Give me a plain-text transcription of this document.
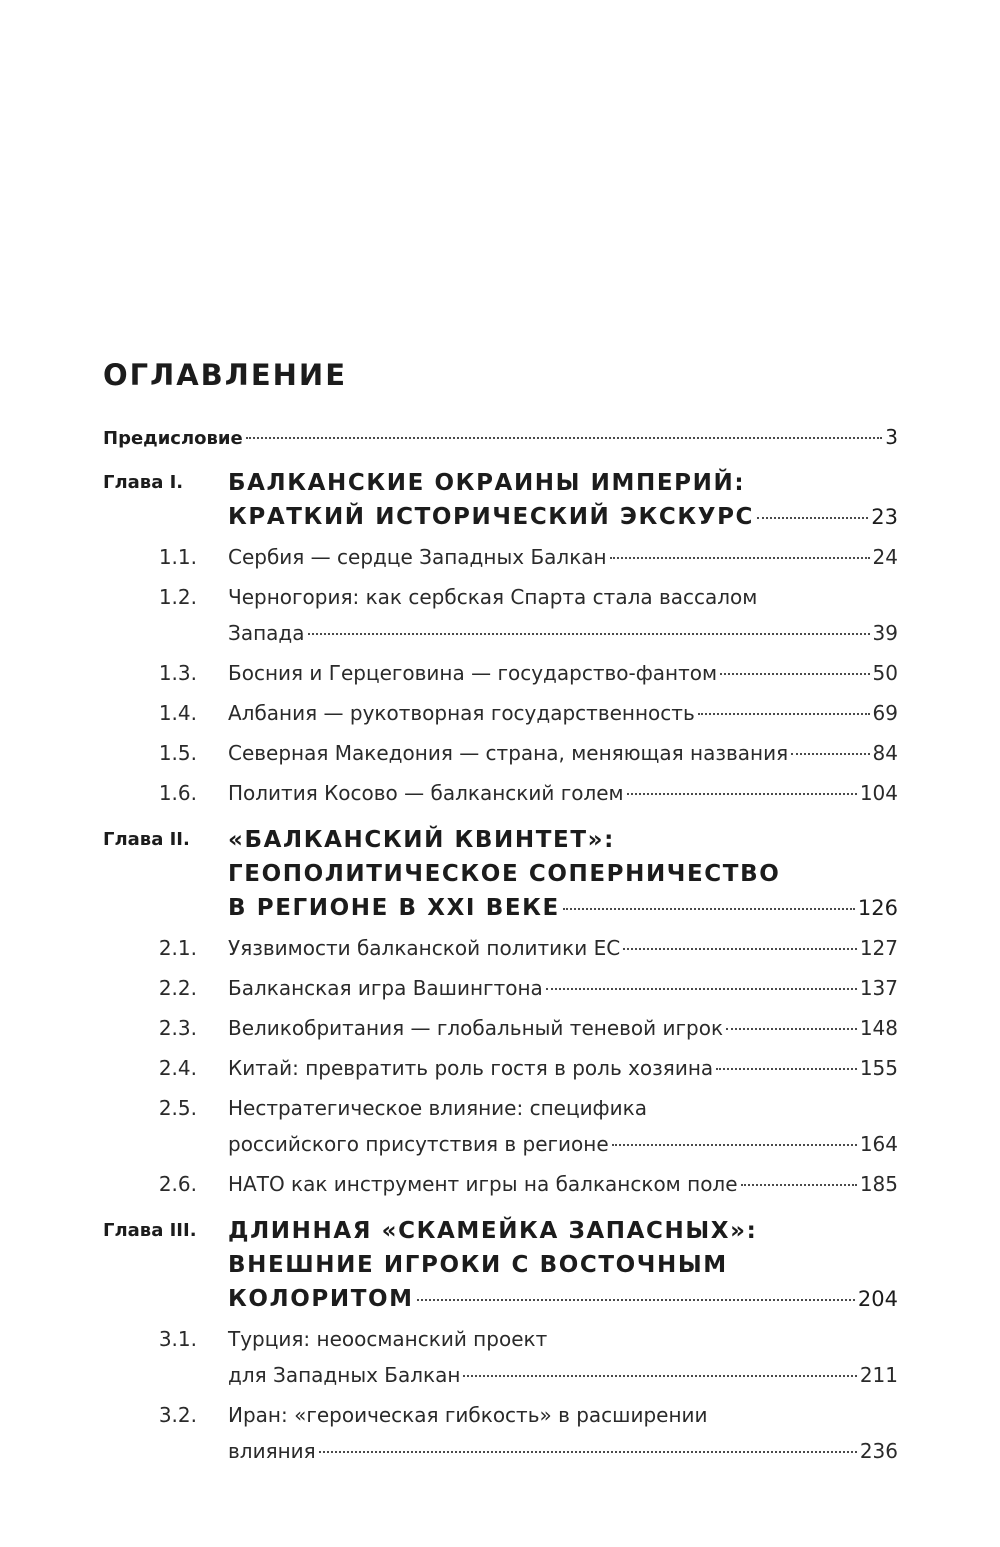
ОГЛАВЛЕНИЕ
Предисловие	3
Глава I.	БАЛКАНСКИЕ ОКРАИНЫ ИМПЕРИЙ:
КРАТКИЙ ИСТОРИЧЕСКИЙ ЭКСКУРС	23
1.1.	Сербия — сердце Западных Балкан	24
1.2.	Черногория: как сербская Спарта стала вассалом
Запада	39
1.3.	Босния и Герцеговина — государство-фантом	50
1.4.	Албания — рукотворная государственность	69
1.5.	Северная Македония — страна, меняющая названия	84
1.6.	Полития Косово — балканский голем	104
Глава II.	«БАЛКАНСКИЙ КВИНТЕТ»:
ГЕОПОЛИТИЧЕСКОЕ СОПЕРНИЧЕСТВО
В РЕГИОНЕ В XXI ВЕКЕ	126
2.1.	Уязвимости балканской политики ЕС	127
2.2.	Балканская игра Вашингтона	137
2.3.	Великобритания — глобальный теневой игрок	148
2.4.	Китай: превратить роль гостя в роль хозяина	155
2.5.	Нестратегическое влияние: специфика
российского присутствия в регионе	164
2.6.	НАТО как инструмент игры на балканском поле	185
Глава III.	ДЛИННАЯ «СКАМЕЙКА ЗАПАСНЫХ»:
ВНЕШНИЕ ИГРОКИ С ВОСТОЧНЫМ
КОЛОРИТОМ	204
3.1.	Турция: неоосманский проект
для Западных Балкан	211
3.2.	Иран: «героическая гибкость» в расширении
влияния	236
